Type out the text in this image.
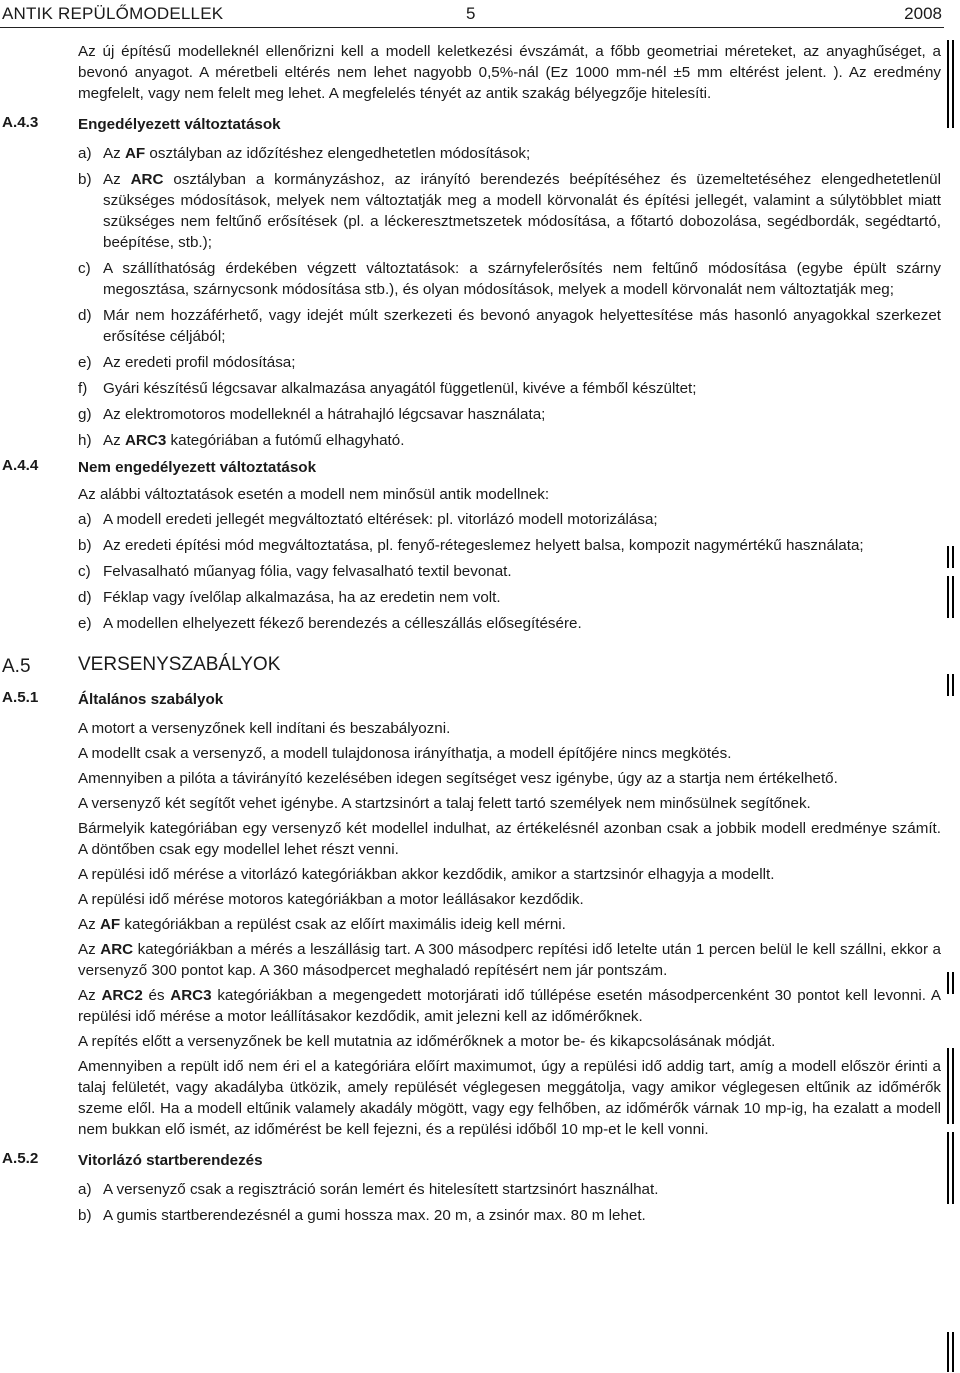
ANTIK REPÜLŐMODELLEK	5	2008

Az új építésű modelleknél ellenőrizni kell a modell keletkezési évszámát, a főbb geometriai méreteket, az anyaghűséget, a bevonó anyagot. A méretbeli eltérés nem lehet nagyobb 0,5%-nál (Ez 1000 mm-nél ±5 mm eltérést jelent. ). Az eredmény megfelelt, vagy nem felelt meg lehet. A megfelelés tényét az antik szakág bélyegzője hitelesíti.

A.4.3	Engedélyezett változtatások

a) Az AF osztályban az időzítéshez elengedhetetlen módosítások;
b) Az ARC osztályban a kormányzáshoz, az irányító berendezés beépítéséhez és üzemeltetéséhez elengedhetetlenül szükséges módosítások, melyek nem változtatják meg a modell körvonalát és építési jellegét, valamint a súlytöbblet miatt szükséges nem feltűnő erősítések (pl. a léckeresztmetszetek módosítása, a főtartó dobozolása, segédbordák, segédtartó, beépítése, stb.);
c) A szállíthatóság érdekében végzett változtatások: a szárnyfelerősítés nem feltűnő módosítása (egybe épült szárny megosztása, szárnycsonk módosítása stb.), és olyan módosítások, melyek a modell körvonalát nem változtatják meg;
d) Már nem hozzáférhető, vagy idejét múlt szerkezeti és bevonó anyagok helyettesítése más hasonló anyagokkal szerkezet erősítése céljából;
e) Az eredeti profil módosítása;
f) Gyári készítésű légcsavar alkalmazása anyagától függetlenül, kivéve a fémből készültet;
g) Az elektromotoros modelleknél a hátrahajló légcsavar használata;
h) Az ARC3 kategóriában a futómű elhagyható.
A.4.4	Nem engedélyezett változtatások

Az alábbi változtatások esetén a modell nem minősül antik modellnek:

a) A modell eredeti jellegét megváltoztató eltérések: pl. vitorlázó modell motorizálása;
b) Az eredeti építési mód megváltoztatása, pl. fenyő-rétegeslemez helyett balsa, kompozit nagymértékű használata;
c) Felvasalható műanyag fólia, vagy felvasalható textil bevonat.
d) Féklap vagy ívelőlap alkalmazása, ha az eredetin nem volt.
e) A modellen elhelyezett fékező berendezés a célleszállás elősegítésére.
A.5 VERSENYSZABÁLYOK

A.5.1	Általános szabályok

A motort a versenyzőnek kell indítani és beszabályozni.

A modellt csak a versenyző, a modell tulajdonosa irányíthatja, a modell építőjére nincs megkötés.

Amennyiben a pilóta a távirányító kezelésében idegen segítséget vesz igénybe, úgy az a startja nem értékelhető.

A versenyző két segítőt vehet igénybe. A startzsinórt a talaj felett tartó személyek nem minősülnek segítőnek.

Bármelyik kategóriában egy versenyző két modellel indulhat, az értékelésnél azonban csak a jobbik modell eredménye számít. A döntőben csak egy modellel lehet részt venni.

A repülési idő mérése a vitorlázó kategóriákban akkor kezdődik, amikor a startzsinór elhagyja a modellt.

A repülési idő mérése motoros kategóriákban a motor leállásakor kezdődik.

Az AF kategóriákban a repülést csak az előírt maximális ideig kell mérni.

Az ARC kategóriákban a mérés a leszállásig tart. A 300 másodperc repítési idő letelte után 1 percen belül le kell szállni, ekkor a versenyző 300 pontot kap. A 360 másodpercet meghaladó repítésért nem jár pontszám.

Az ARC2 és ARC3 kategóriákban a megengedett motorjárati idő túllépése esetén másodpercenként 30 pontot kell levonni. A repülési idő mérése a motor leállításakor kezdődik, amit jelezni kell az időmérőknek.

A repítés előtt a versenyzőnek be kell mutatnia az időmérőknek a motor be- és kikapcsolásának módját.

Amennyiben a repült idő nem éri el a kategóriára előírt maximumot, úgy a repülési idő addig tart, amíg a modell először érinti a talaj felületét, vagy akadályba ütközik, amely repülését véglegesen meggátolja, vagy amikor véglegesen eltűnik az időmérők szeme elől. Ha a modell eltűnik valamely akadály mögött, vagy egy felhőben, az időmérők várnak 10 mp-ig, ha ezalatt a modell nem bukkan elő ismét, az időmérést be kell fejezni, és a repülési időből 10 mp-et le kell vonni.

A.5.2	Vitorlázó startberendezés

a) A versenyző csak a regisztráció során lemért és hitelesített startzsinórt használhat.
b) A gumis startberendezésnél a gumi hossza max. 20 m, a zsinór max. 80 m lehet.
